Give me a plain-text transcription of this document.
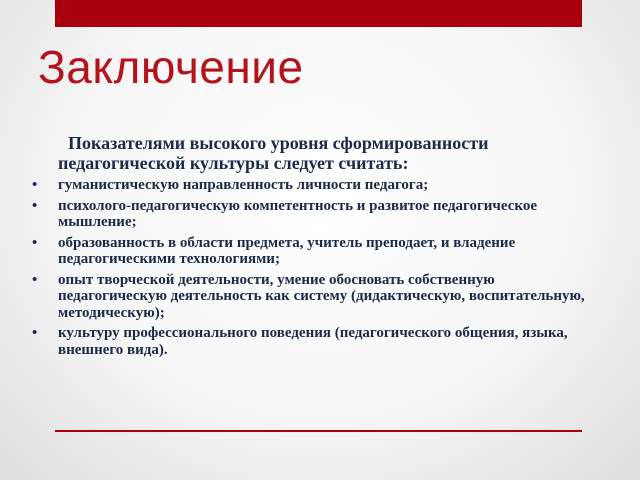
Заключение

Показателями высокого уровня сформированности педагогической культуры следует считать:

• гуманистическую направленность личности педагога;
• психолого-педагогическую компетентность и развитое педагогическое мышление;
• образованность в области предмета, учитель преподает, и владение педагогическими технологиями;
• опыт творческой деятельности, умение обосновать собственную педагогическую деятельность как систему (дидактическую, воспитательную, методическую);
• культуру профессионального поведения (педагогического общения, языка, внешнего вида).
